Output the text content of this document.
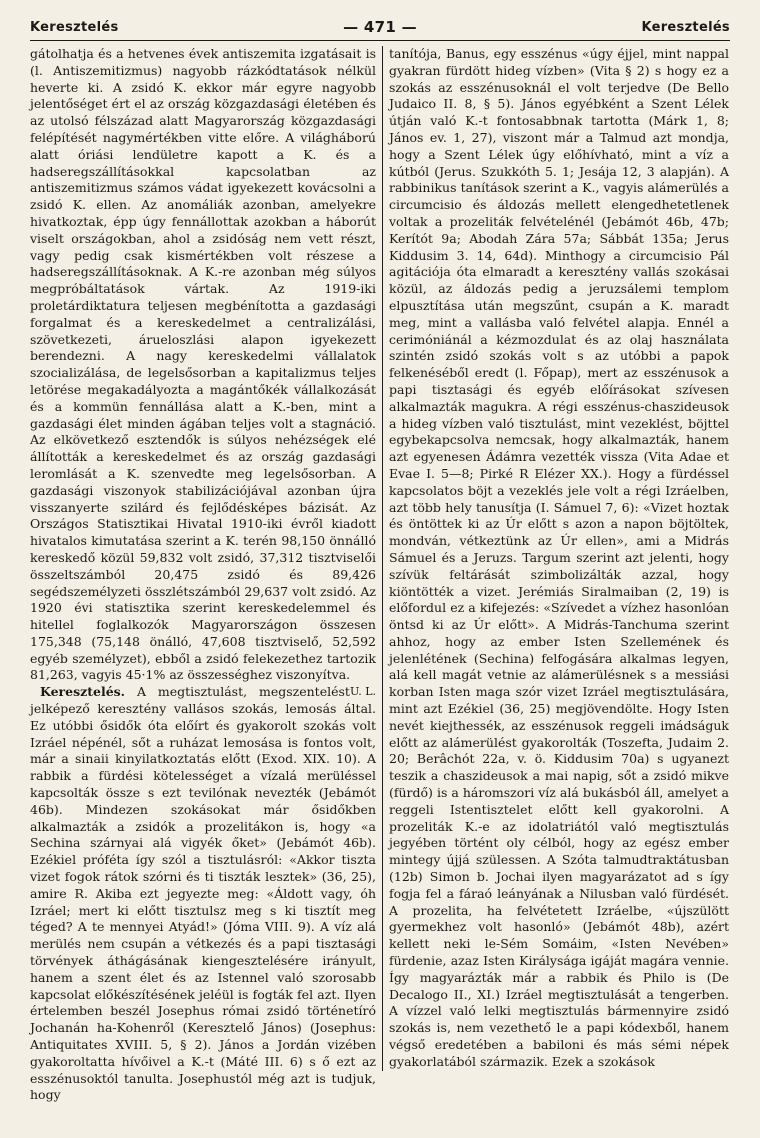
Keresztelés	— 471 —	Keresztelés

gátolhatja és a hetvenes évek antiszemita izgatásait is (l. Antiszemitizmus) nagyobb rázkódtatások nélkül heverte ki. A zsidó K. ekkor már egyre nagyobb jelentőséget ért el az ország közgazdasági életében és az utolsó félszázad alatt Magyarország közgazdasági felépítését nagymértékben vitte előre. A világháború alatt óriási lendületre kapott a K. és a hadseregszállításokkal kapcsolatban az antiszemitizmus számos vádat igyekezett kovácsolni a zsidó K. ellen. Az anomáliák azonban, amelyekre hivatkoztak, épp úgy fennállottak azokban a háborút viselt országokban, ahol a zsidóság nem vett részt, vagy pedig csak kismértékben volt részese a hadseregszállításoknak. A K.-re azonban még súlyos megpróbáltatások vártak. Az 1919-iki proletárdiktatura teljesen megbénította a gazdasági forgalmat és a kereskedelmet a centralizálási, szövetkezeti, árueloszlási alapon igyekezett berendezni. A nagy kereskedelmi vállalatok szocializálása, de legelsősorban a kapitalizmus teljes letörése megakadályozta a magántőkék vállalkozását és a kommün fennállása alatt a K.-ben, mint a gazdasági élet minden ágában teljes volt a stagnáció. Az elkövetkező esztendők is súlyos nehézségek elé állították a kereskedelmet és az ország gazdasági leromlását a K. szenvedte meg legelsősorban. A gazdasági viszonyok stabilizációjával azonban újra visszanyerte szilárd és fejlődésképes bázisát. Az Országos Statisztikai Hivatal 1910-iki évről kiadott hivatalos kimutatása szerint a K. terén 98,150 önnálló kereskedő közül 59,832 volt zsidó, 37,312 tisztviselői összeltszámból 20,475 zsidó és 89,426 segédszemélyzeti összlétszámból 29,637 volt zsidó. Az 1920 évi statisztika szerint kereskedelemmel és hitellel foglalkozók Magyarországon összesen 175,348 (75,148 önálló, 47,608 tisztviselő, 52,592 egyéb személyzet), ebből a zsidó felekezethez tartozik 81,263, vagyis 45·1% az összességhez viszonyítva.
U. L.

Keresztelés. A megtisztulást, megszentelést jelképező keresztény vallásos szokás, lemosás által. Ez utóbbi ősidők óta előírt és gyakorolt szokás volt Izráel népénél, sőt a ruházat lemosása is fontos volt, már a sinaii kinyilatkoztatás előtt (Exod. XIX. 10). A rabbik a fürdési kötelességet a vízalá merüléssel kapcsolták össze s ezt tevilónak nevezték (Jebámót 46b). Mindezen szokásokat már ősidőkben alkalmazták a zsidók a prozelitákon is, hogy «a Sechina szárnyai alá vigyék őket» (Jebámót 46b). Ezékiel próféta így szól a tisztulásról: «Akkor tiszta vizet fogok rátok szórni és ti tiszták lesztek» (36, 25), amire R. Akiba ezt jegyezte meg: «Áldott vagy, óh Izráel; mert ki előtt tisztulsz meg s ki tisztít meg téged? A te mennyei Atyád!» (Jóma VIII. 9). A víz alá merülés nem csupán a vétkezés és a papi tisztasági törvények áthágásának kiengesztelésére irányult, hanem a szent élet és az Istennel való szorosabb kapcsolat előkészítésének jeléül is fogták fel azt. Ilyen értelemben beszél Josephus római zsidó történetíró Jochanán ha-Kohenről (Keresztelő János) (Josephus: Antiquitates XVIII. 5, § 2). János a Jordán vizében gyakoroltatta hívőivel a K.-t (Máté III. 6) s ő ezt az esszénusoktól tanulta. Josephustól még azt is tudjuk, hogy

tanítója, Banus, egy esszénus «úgy éjjel, mint nappal gyakran fürdött hideg vízben» (Vita § 2) s hogy ez a szokás az esszénusoknál el volt terjedve (De Bello Judaico II. 8, § 5). János egyébként a Szent Lélek útján való K.-t fontosabbnak tartotta (Márk 1, 8; János ev. 1, 27), viszont már a Talmud azt mondja, hogy a Szent Lélek úgy előhívható, mint a víz a kútból (Jerus. Szukkóth 5. 1; Jesája 12, 3 alapján). A rabbinikus tanítások szerint a K., vagyis alámerülés a circumcisio és áldozás mellett elengedhetetlenek voltak a prozeliták felvételénél (Jebámót 46b, 47b; Kerítót 9a; Abodah Zára 57a; Sábbát 135a; Jerus Kiddusim 3. 14, 64d). Minthogy a circumcisio Pál agitációja óta elmaradt a keresztény vallás szokásai közül, az áldozás pedig a jeruzsálemi templom elpusztítása után megszűnt, csupán a K. maradt meg, mint a vallásba való felvétel alapja. Ennél a cerimóniánál a kézmozdulat és az olaj használata szintén zsidó szokás volt s az utóbbi a papok felkenéséből eredt (l. Főpap), mert az esszénusok a papi tisztasági és egyéb előírásokat szívesen alkalmazták magukra. A régi esszénus-chaszideusok a hideg vízben való tisztulást, mint vezeklést, böjttel egybekapcsolva nemcsak, hogy alkalmazták, hanem azt egyenesen Ádámra vezették vissza (Vita Adae et Evae I. 5—8; Pirké R Elézer XX.). Hogy a fürdéssel kapcsolatos böjt a vezeklés jele volt a régi Izráelben, azt több hely tanusítja (I. Sámuel 7, 6): «Vizet hoztak és öntöttek ki az Úr előtt s azon a napon böjtöltek, mondván, vétkeztünk az Úr ellen», ami a Midrás Sámuel és a Jeruzs. Targum szerint azt jelenti, hogy szívük feltárását szimbolizálták azzal, hogy kiöntötték a vizet. Jerémiás Siralmaiban (2, 19) is előfordul ez a kifejezés: «Szívedet a vízhez hasonlóan öntsd ki az Úr előtt». A Midrás-Tanchuma szerint ahhoz, hogy az ember Isten Szellemének és jelenlétének (Sechina) felfogására alkalmas legyen, alá kell magát vetnie az alámerülésnek s a messiási korban Isten maga szór vizet Izráel megtisztulására, mint azt Ezékiel (36, 25) megjövendölte. Hogy Isten nevét kiejthessék, az esszénusok reggeli imádságuk előtt az alámerülést gyakorolták (Toszefta, Judaim 2. 20; Berâchót 22a, v. ö. Kiddusim 70a) s ugyanezt teszik a chaszideusok a mai napig, sőt a zsidó mikve (fürdő) is a háromszori víz alá bukásból áll, amelyet a reggeli Istentisztelet előtt kell gyakorolni. A prozeliták K.-e az idolatriától való megtisztulás jegyében történt oly célból, hogy az egész ember mintegy újjá szülessen. A Szóta talmudtraktátusban (12b) Simon b. Jochai ilyen magyarázatot ad s így fogja fel a fáraó leányának a Nilusban való fürdését. A prozelita, ha felvétetett Izráelbe, «újszülött gyermekhez volt hasonló» (Jebámót 48b), azért kellett neki le-Sém Somáim, «Isten Nevében» fürdenie, azaz Isten Királysága igáját magára vennie. Így magyarázták már a rabbik és Philo is (De Decalogo II., XI.) Izráel megtisztulását a tengerben. A vízzel való lelki megtisztulás bármennyire zsidó szokás is, nem vezethető le a papi kódexből, hanem végső eredetében a babiloni és más sémi népek gyakorlatából származik. Ezek a szokások
